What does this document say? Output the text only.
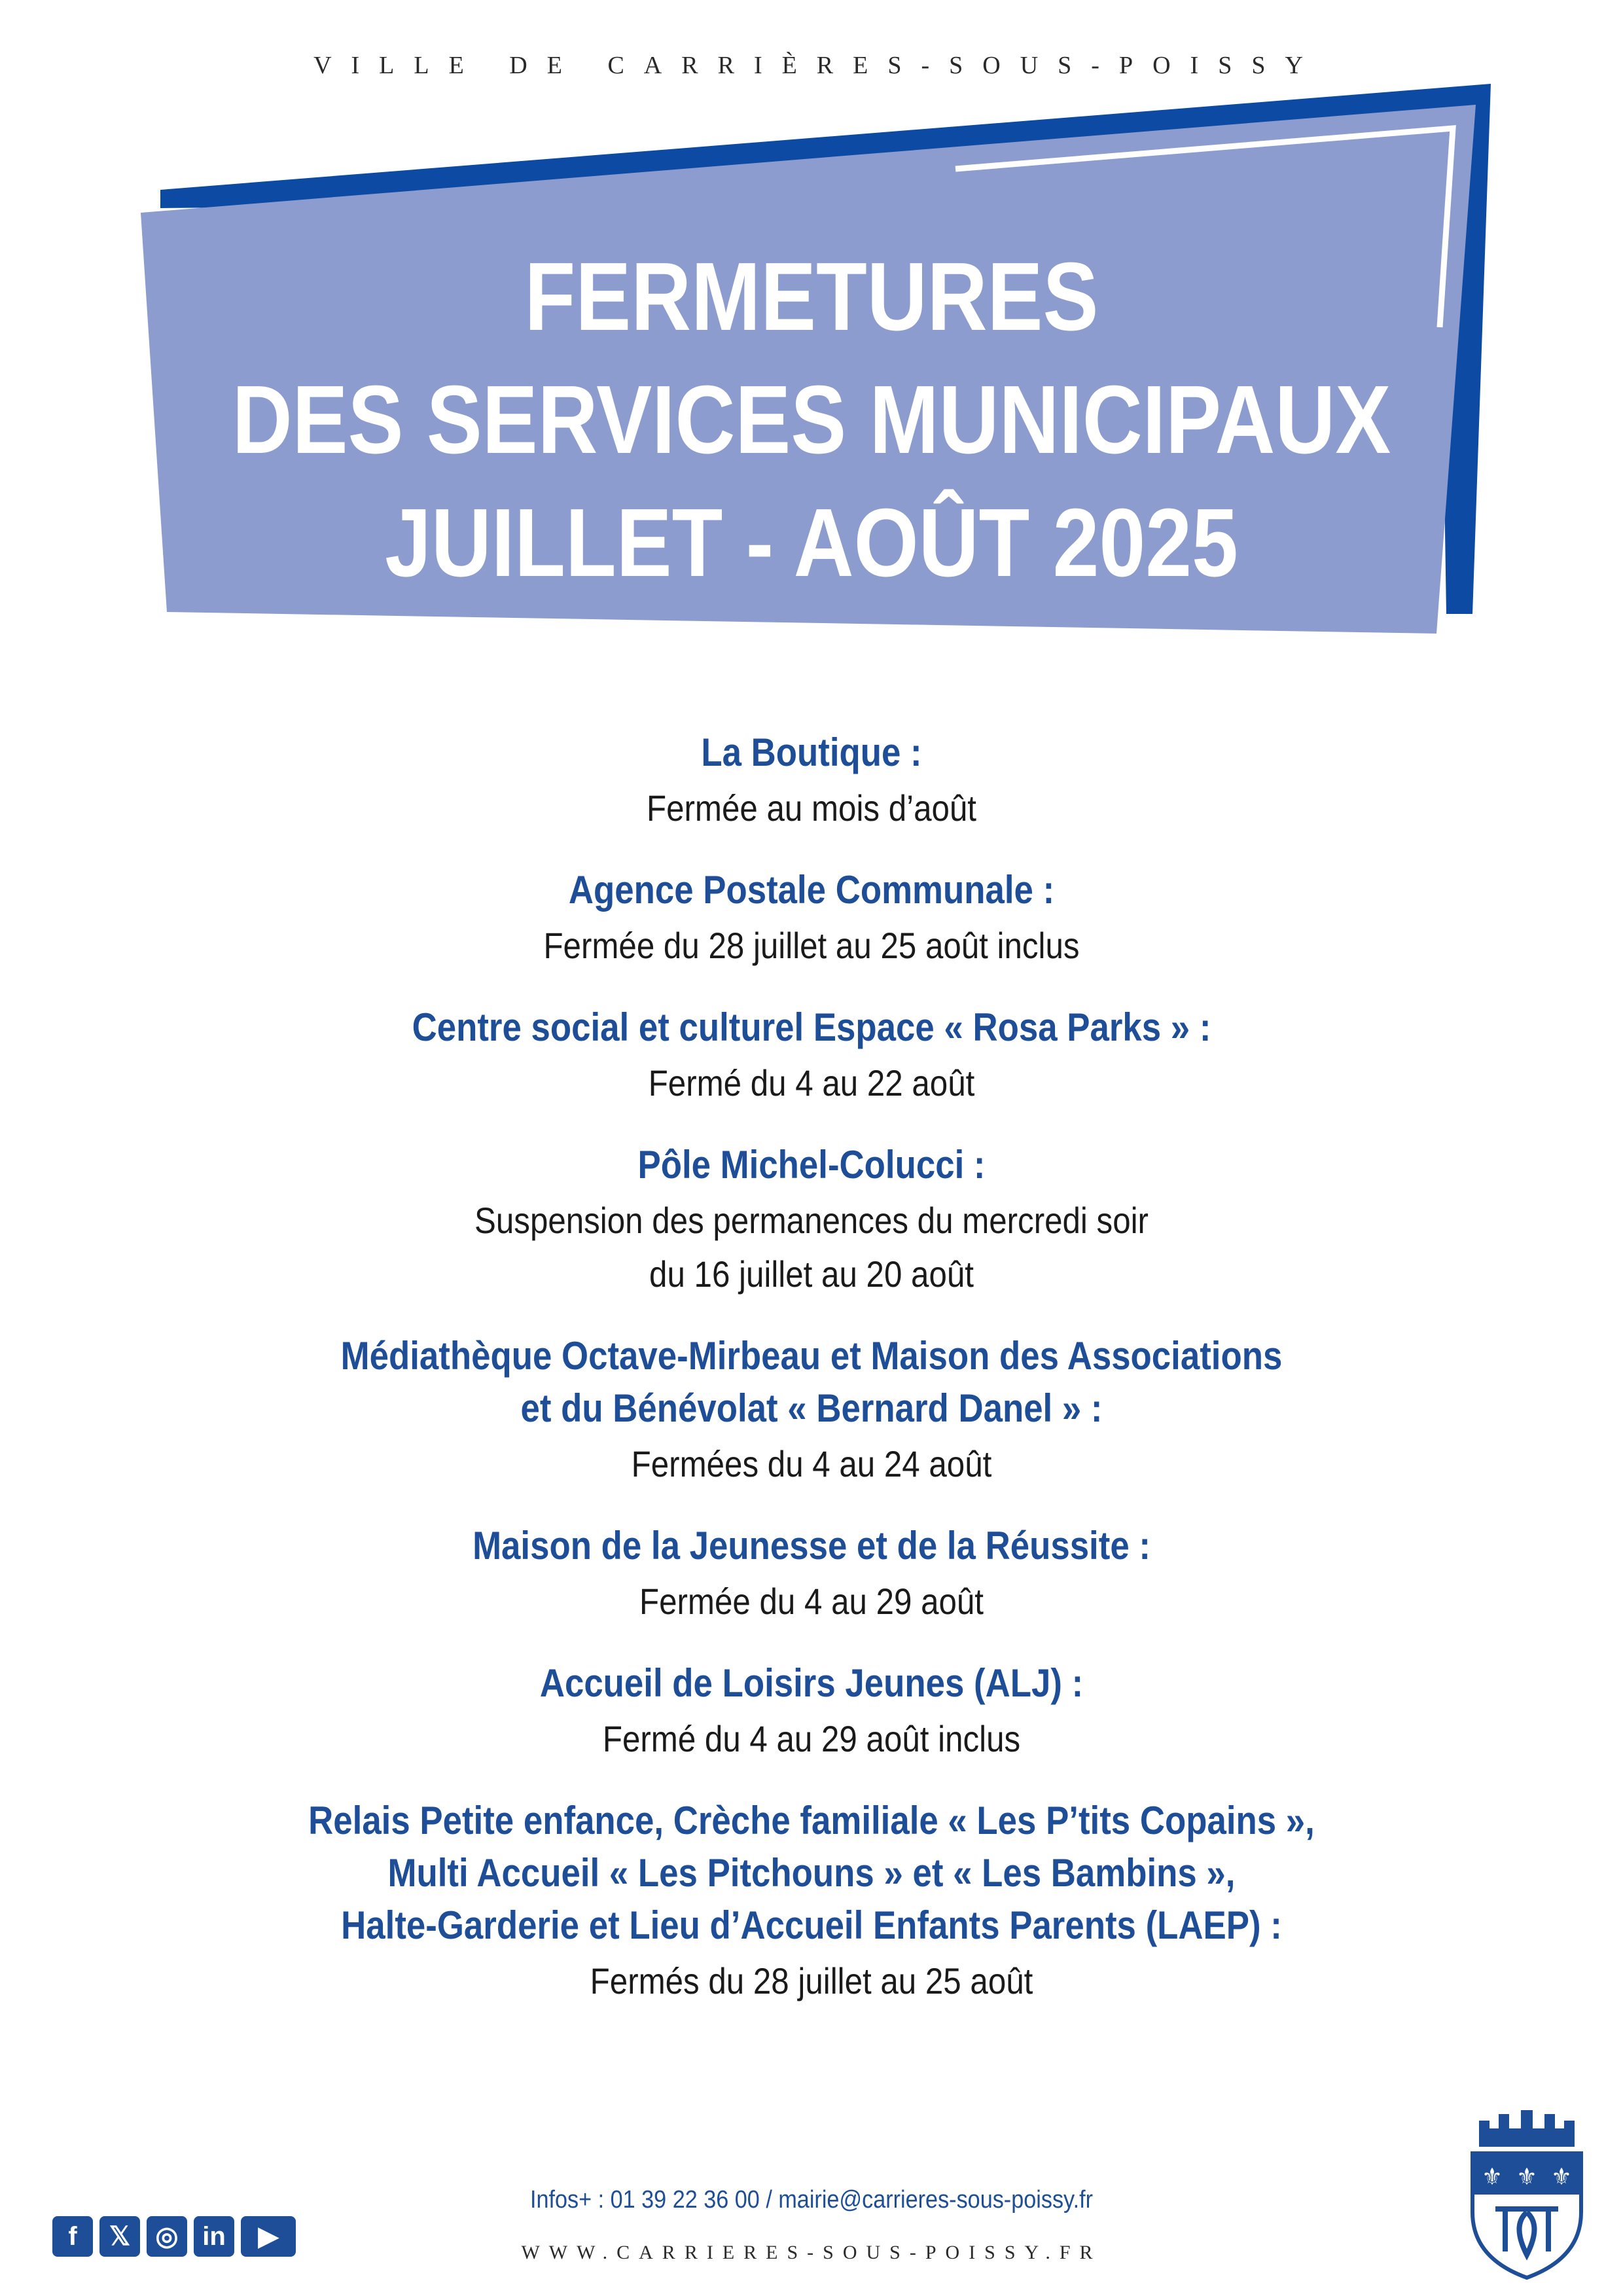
VILLE DE CARRIÈRES-SOUS-POISSY
FERMETURES
DES SERVICES MUNICIPAUX
JUILLET - AOÛT 2025
La Boutique :
Fermée au mois d’août
Agence Postale Communale :
Fermée du 28 juillet au 25 août inclus
Centre social et culturel Espace « Rosa Parks » :
Fermé du 4 au 22 août
Pôle Michel-Colucci :
Suspension des permanences du mercredi soir
du 16 juillet au 20 août
Médiathèque Octave-Mirbeau et Maison des Associations
et du Bénévolat « Bernard Danel » :
Fermées du 4 au 24 août
Maison de la Jeunesse et de la Réussite :
Fermée du 4 au 29 août
Accueil de Loisirs Jeunes (ALJ) :
Fermé du 4 au 29 août inclus
Relais Petite enfance, Crèche familiale « Les P’tits Copains »,
Multi Accueil « Les Pitchouns » et « Les Bambins »,
Halte-Garderie et Lieu d’Accueil Enfants Parents (LAEP) :
Fermés du 28 juillet au 25 août
Infos+ : 01 39 22 36 00 / mairie@carrieres-sous-poissy.fr
WWW.CARRIERES-SOUS-POISSY.FR
f	𝕏 ◎ in	▶
⚜ ⚜ ⚜
